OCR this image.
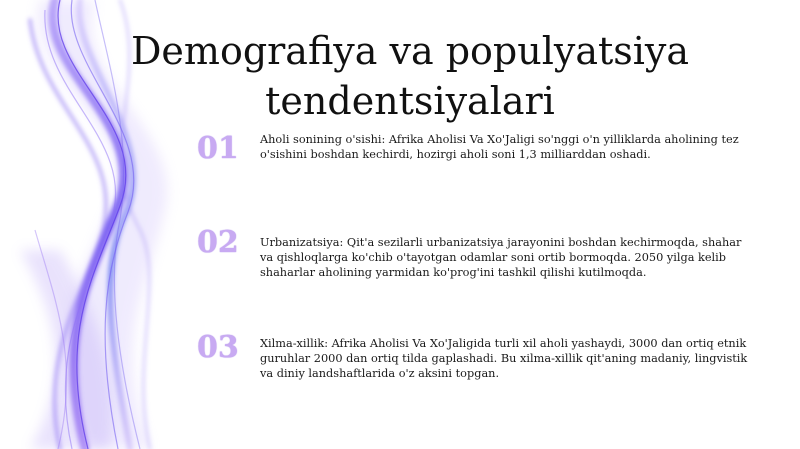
Demografiya va populyatsiya tendentsiyalari
01	Aholi sonining o'sishi: Afrika Aholisi Va Xo'Jaligi so'nggi o'n yilliklarda aholining tez o'sishini boshdan kechirdi, hozirgi aholi soni 1,3 milliarddan oshadi.

02	Urbanizatsiya: Qit'a sezilarli urbanizatsiya jarayonini boshdan kechirmoqda, shahar va qishloqlarga ko'chib o'tayotgan odamlar soni ortib bormoqda. 2050 yilga kelib shaharlar aholining yarmidan ko'prog'ini tashkil qilishi kutilmoqda.

03	Xilma-xillik: Afrika Aholisi Va Xo'Jaligida turli xil aholi yashaydi, 3000 dan ortiq etnik guruhlar 2000 dan ortiq tilda gaplashadi. Bu xilma-xillik qit'aning madaniy, lingvistik va diniy landshaftlarida o'z aksini topgan.
